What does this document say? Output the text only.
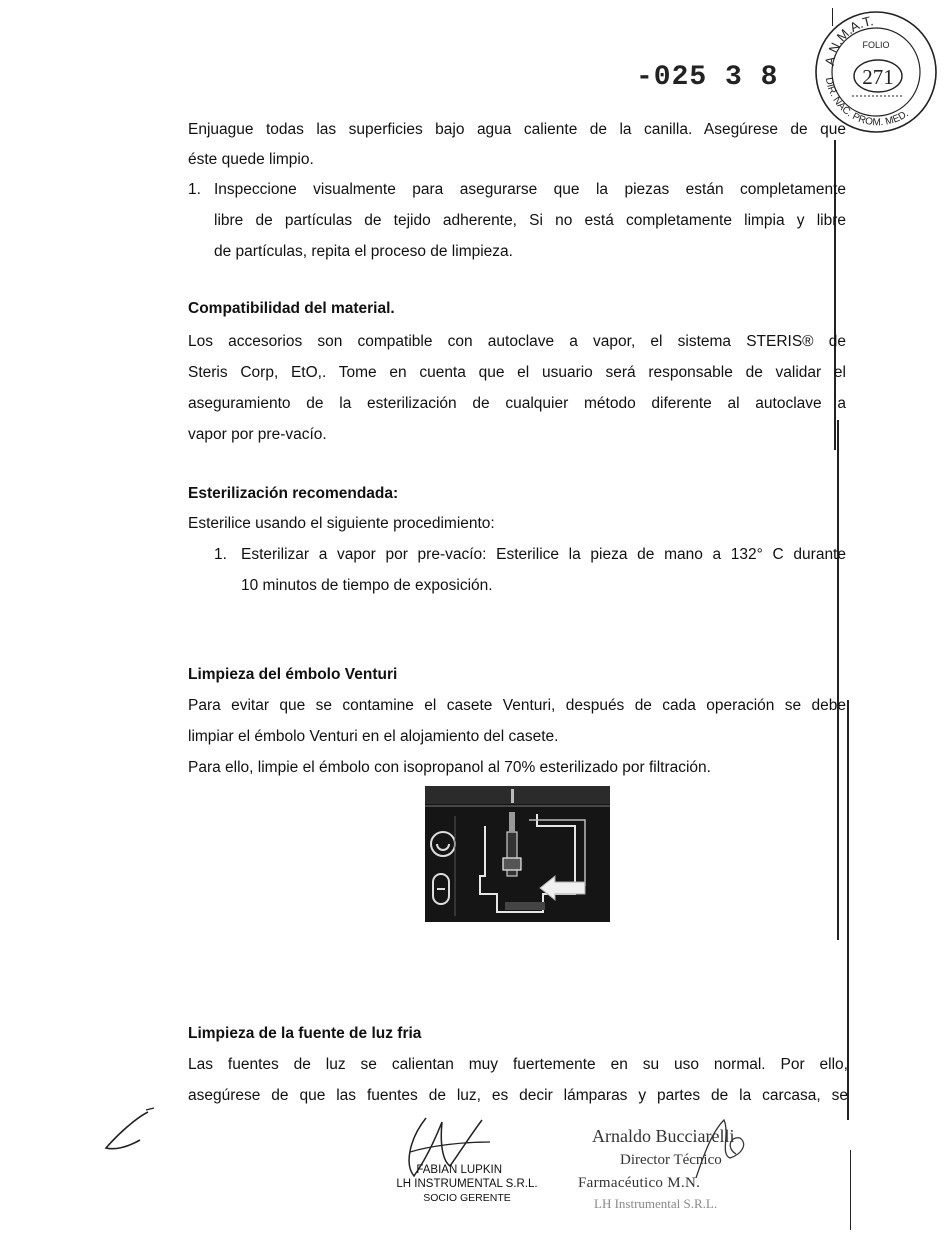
A.N.M.A.T.
DIR. NAC. PROM. MED.
FOLIO
271
-025 3 8
Enjuague todas las superficies bajo agua caliente de la canilla. Asegúrese de que
éste quede limpio.
1. Inspeccione visualmente para asegurarse que la piezas están completamente
libre de partículas de tejido adherente, Si no está completamente limpia y libre
de partículas, repita el proceso de limpieza.
Compatibilidad del material.
Los accesorios son compatible con autoclave a vapor, el sistema STERIS® de
Steris Corp, EtO,. Tome en cuenta que el usuario será responsable de validar el
aseguramiento de la esterilización de cualquier método diferente al autoclave a
vapor por pre-vacío.
Esterilización recomendada:
Esterilice usando el siguiente procedimiento:
1. Esterilizar a vapor por pre-vacío: Esterilice la pieza de mano a 132° C durante
10 minutos de tiempo de exposición.
Limpieza del émbolo Venturi
Para evitar que se contamine el casete Venturi, después de cada operación se debe
limpiar el émbolo Venturi en el alojamiento del casete.
Para ello, limpie el émbolo con isopropanol al 70% esterilizado por filtración.
Limpieza de la fuente de luz fria
Las fuentes de luz se calientan muy fuertemente en su uso normal. Por ello,
asegúrese de que las fuentes de luz, es decir lámparas y partes de la carcasa, se
FABIAN LUPKIN
LH INSTRUMENTAL S.R.L.
SOCIO GERENTE
Arnaldo Bucciarelli
Director Técnico
Farmacéutico M.N.
LH Instrumental S.R.L.
